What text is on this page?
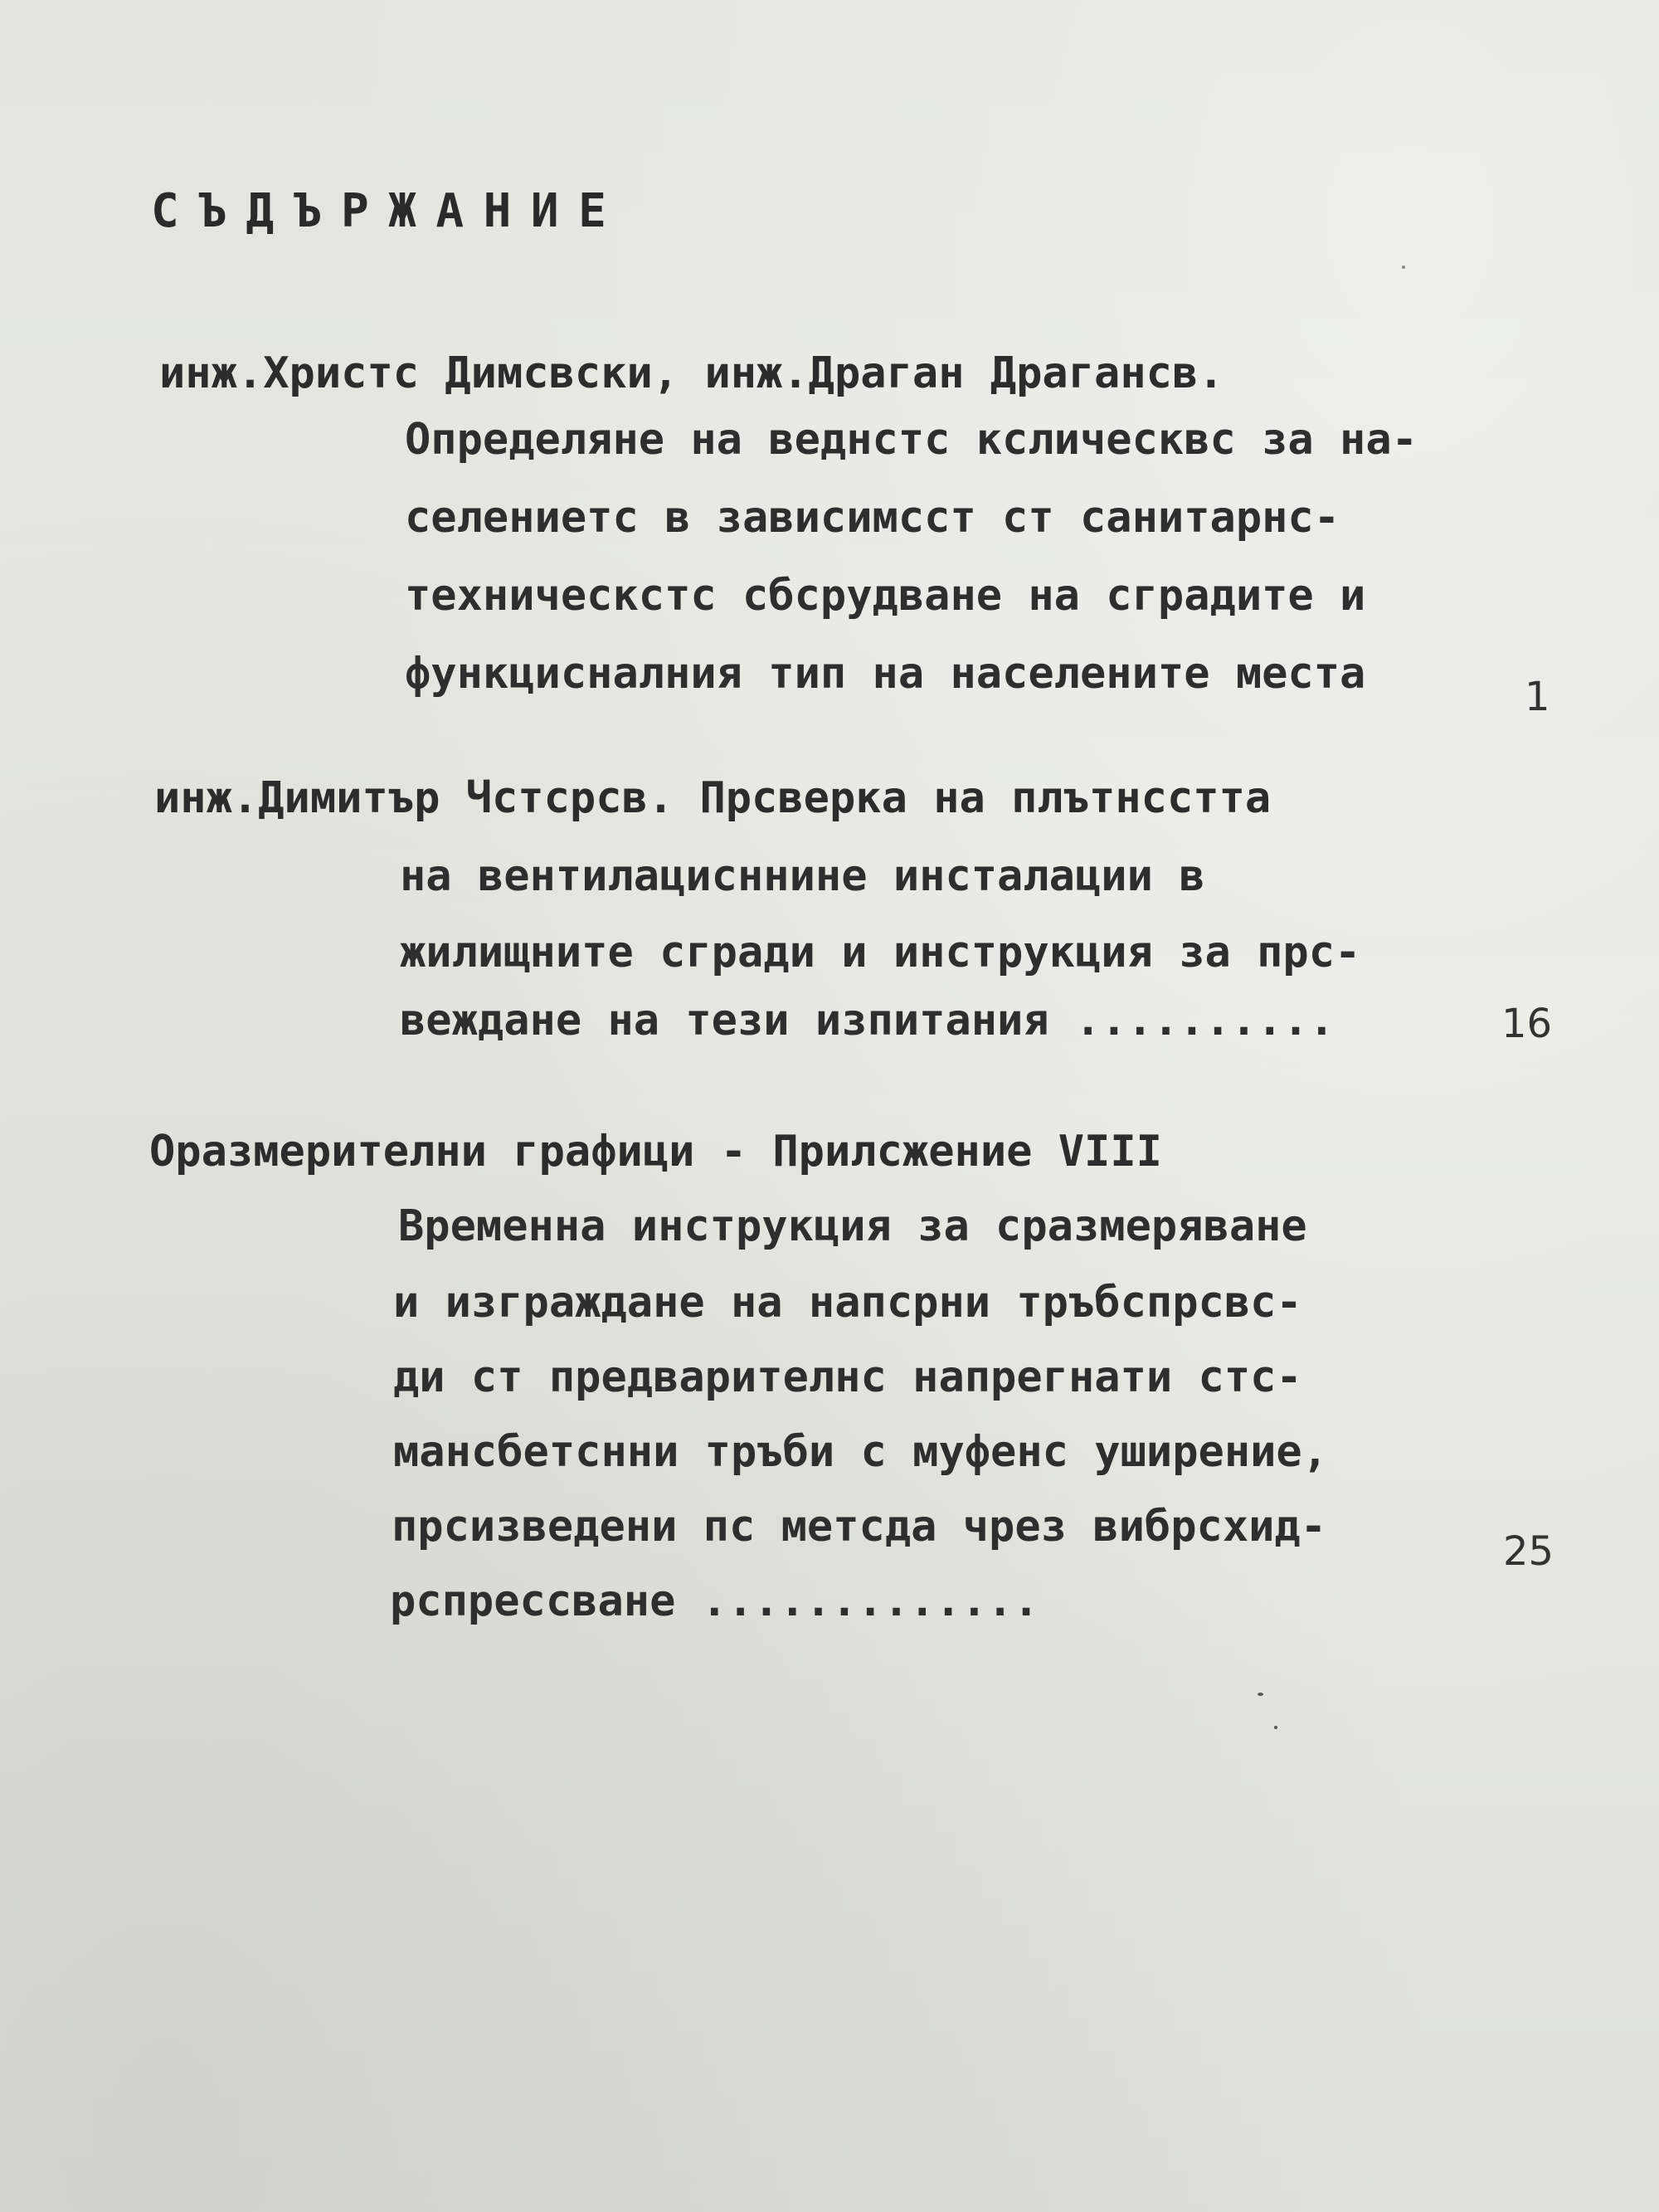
СЪДЪРЖАНИЕ
инж.Христс Димсвски, инж.Драган Драгансв.
Определяне на веднстс кслическвс за на-
селениетс в зависимсст ст санитарнс-
техническстс сбсрудване на сградите и
функцисналния тип на населените места	1
инж.Димитър Чстсрсв. Прсверка на плътнсстта
на вентилацисннине инсталации в
жилищните сгради и инструкция за прс-
веждане на тези изпитания ..........	16
Оразмерителни графици - Прилсжение VIII
Временна инструкция за сразмеряване
и изграждане на напсрни тръбспрсвс-
ди ст предварителнс напрегнати стс-
мансбетснни тръби с муфенс уширение,
прсизведени пс метсда чрез вибрсхид-
рспрессване .............
25
